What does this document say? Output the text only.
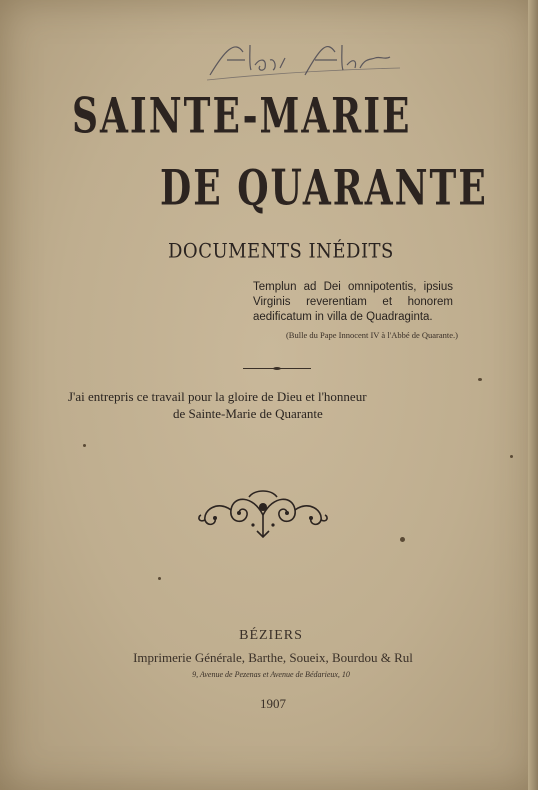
SAINTE-MARIE
DE QUARANTE
DOCUMENTS INÉDITS
Templun ad Dei omnipotentis, ipsius Virginis reverentiam et honorem aedificatum in villa de Quadraginta.
(Bulle du Pape Innocent IV à l'Abbé de Quarante.)
J'ai entrepris ce travail pour la gloire de Dieu et l'honneur
de Sainte-Marie de Quarante
BÉZIERS
Imprimerie Générale, Barthe, Soueix, Bourdou & Rul
9, Avenue de Pezenas et Avenue de Bédarieux, 10
1907
